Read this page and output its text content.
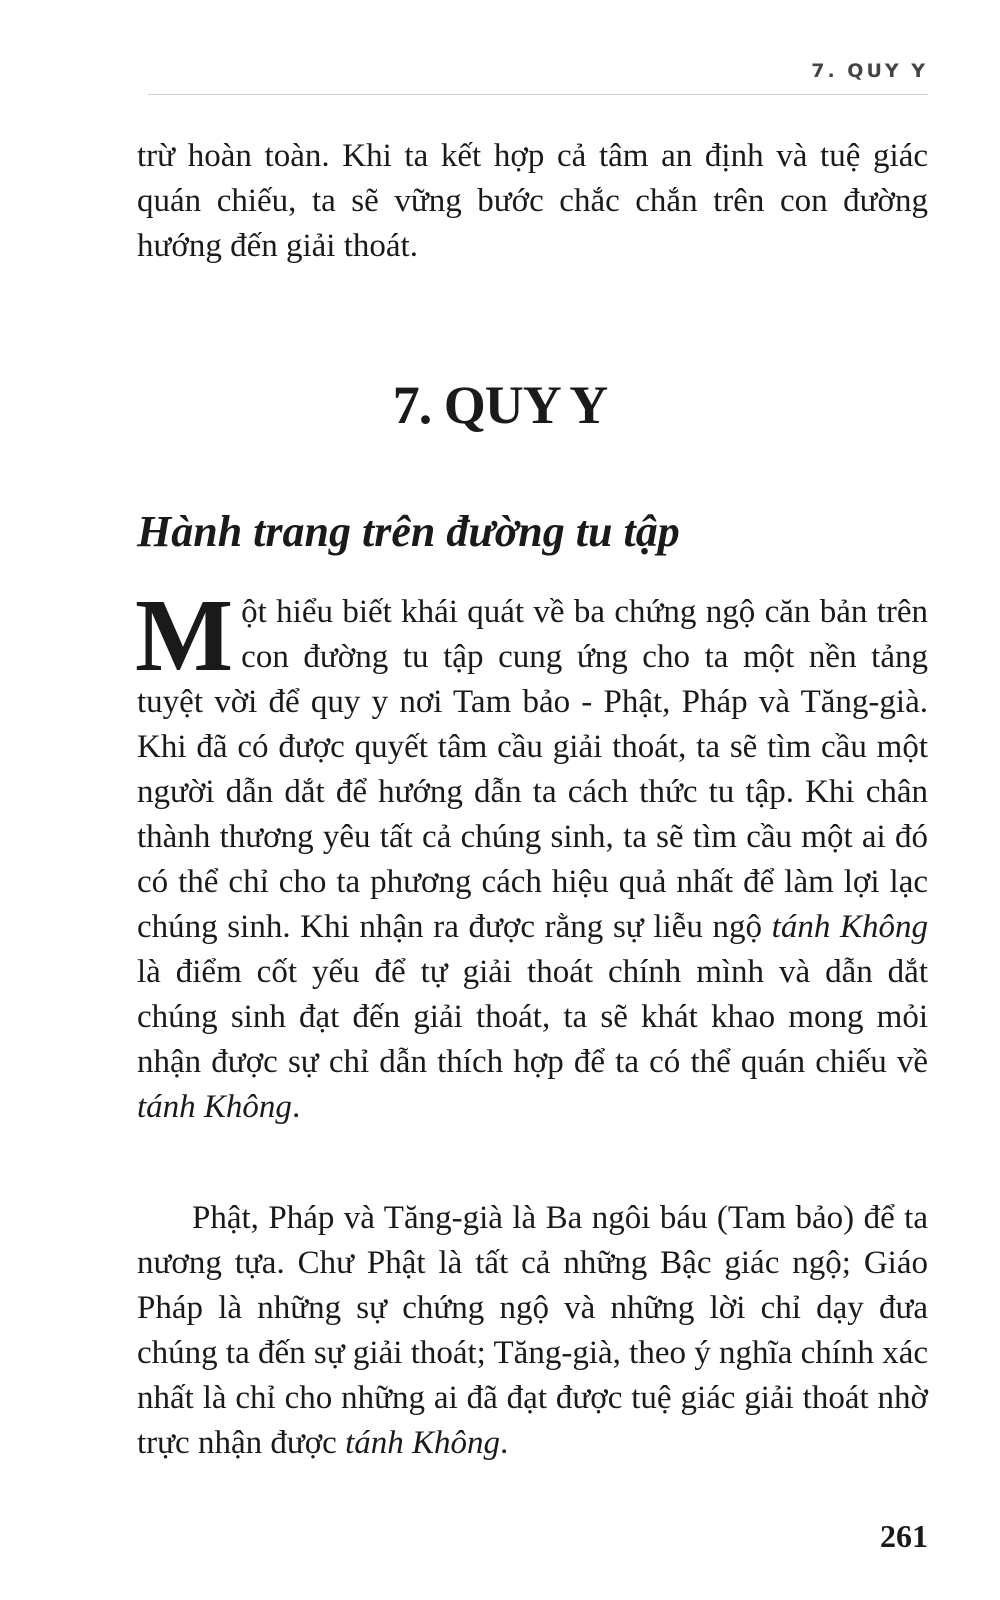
7. QUY Y

trừ hoàn toàn. Khi ta kết hợp cả tâm an định và tuệ giác quán chiếu, ta sẽ vững bước chắc chắn trên con đường hướng đến giải thoát.

7. QUY Y
Hành trang trên đường tu tập

Một hiểu biết khái quát về ba chứng ngộ căn bản trên con đường tu tập cung ứng cho ta một nền tảng tuyệt vời để quy y nơi Tam bảo - Phật, Pháp và Tăng-già. Khi đã có được quyết tâm cầu giải thoát, ta sẽ tìm cầu một người dẫn dắt để hướng dẫn ta cách thức tu tập. Khi chân thành thương yêu tất cả chúng sinh, ta sẽ tìm cầu một ai đó có thể chỉ cho ta phương cách hiệu quả nhất để làm lợi lạc chúng sinh. Khi nhận ra được rằng sự liễu ngộ tánh Không là điểm cốt yếu để tự giải thoát chính mình và dẫn dắt chúng sinh đạt đến giải thoát, ta sẽ khát khao mong mỏi nhận được sự chỉ dẫn thích hợp để ta có thể quán chiếu về tánh Không.

Phật, Pháp và Tăng-già là Ba ngôi báu (Tam bảo) để ta nương tựa. Chư Phật là tất cả những Bậc giác ngộ; Giáo Pháp là những sự chứng ngộ và những lời chỉ dạy đưa chúng ta đến sự giải thoát; Tăng-già, theo ý nghĩa chính xác nhất là chỉ cho những ai đã đạt được tuệ giác giải thoát nhờ trực nhận được tánh Không.

261
